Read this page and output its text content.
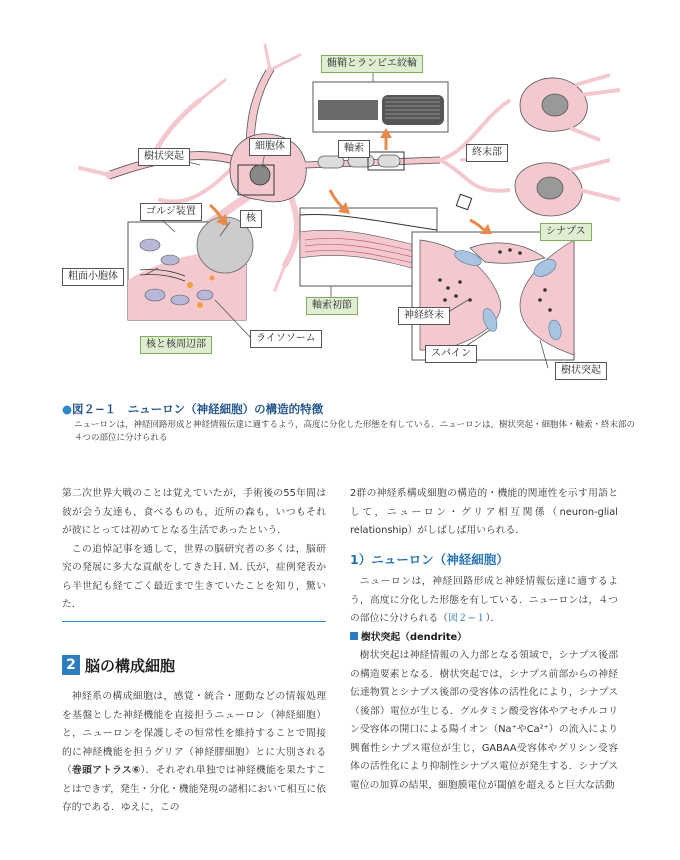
髄鞘とランビエ絞輪
樹状突起
細胞体	軸索	終末部
ゴルジ装置
核
シナプス
粗面小胞体
軸索初節
神経終末
ライソソーム
核と核周辺部
スパイン
樹状突起
●図２−１　ニューロン（神経細胞）の構造的特徴
ニューロンは，神経回路形成と神経情報伝達に適するよう，高度に分化した形態を有している．ニューロンは，樹状突起・細胞体・軸索・終末部の４つの部位に分けられる

第二次世界大戦のことは覚えていたが，手術後の55年間は彼が会う友達も，食べるものも，近所の森も，いつもそれが彼にとっては初めてとなる生活であったという．

この追悼記事を通して，世界の脳研究者の多くは，脳研究の発展に多大な貢献をしてきたＨ. Ｍ. 氏が，症例発表から半世紀も経てごく最近まで生きていたことを知り，驚いた．

2 脳の構成細胞

神経系の構成細胞は，感覚・統合・運動などの情報処理を基盤とした神経機能を直接担うニューロン（神経細胞）と，ニューロンを保護しその恒常性を維持することで間接的に神経機能を担うグリア（神経膠細胞）とに大別される（巻頭アトラス⑥）．それぞれ単独では神経機能を果たすことはできず，発生・分化・機能発現の諸相において相互に依存的である．ゆえに，この

2群の神経系構成細胞の構造的・機能的関連性を示す用語として，ニューロン・グリア相互関係（neuron-glial relationship）がしばしば用いられる．

1）ニューロン（神経細胞）

ニューロンは，神経回路形成と神経情報伝達に適するよう，高度に分化した形態を有している．ニューロンは，４つの部位に分けられる（図２−１）．

樹状突起（dendrite）

樹状突起は神経情報の入力部となる領域で，シナプス後部の構造要素となる．樹状突起では，シナプス前部からの神経伝達物質とシナプス後部の受容体の活性化により，シナプス（後部）電位が生じる．グルタミン酸受容体やアセチルコリン受容体の開口による陽イオン（Na⁺やCa²⁺）の流入により興奮性シナプス電位が生じ，GABAA受容体やグリシン受容体の活性化により抑制性シナプス電位が発生する．シナプス電位の加算の結果，細胞膜電位が閾値を超えると巨大な活動
